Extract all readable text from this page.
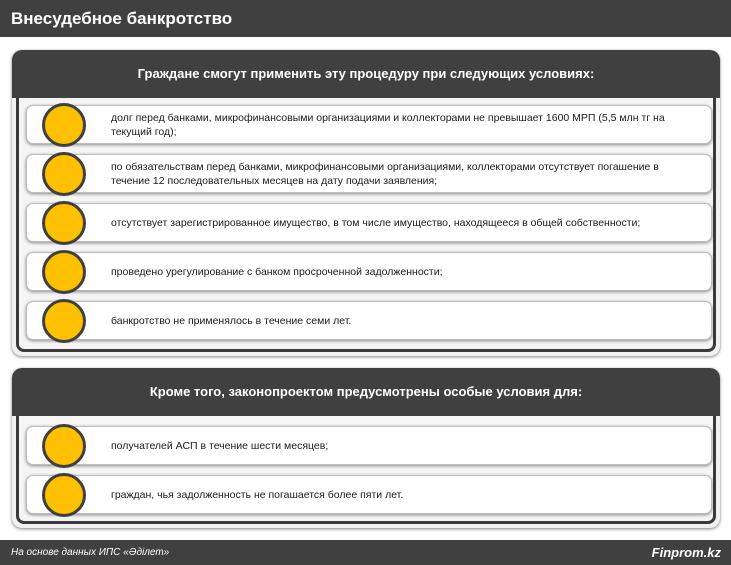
Внесудебное банкротство
Граждане смогут применить эту процедуру при следующих условиях:
долг перед банками, микрофинансовыми организациями и коллекторами не превышает 1600 МРП (5,5 млн тг на текущий год);
по обязательствам перед банками, микрофинансовыми организациями, коллекторами отсутствует погашение в течение 12 последовательных месяцев на дату подачи заявления;
отсутствует зарегистрированное имущество, в том числе имущество, находящееся в общей собственности;
проведено урегулирование с банком просроченной задолженности;
банкротство не применялось в течение семи лет.
Кроме того, законопроектом предусмотрены особые условия для:
получателей АСП в течение шести месяцев;
граждан, чья задолженность не погашается более пяти лет.
На основе данных ИПС «Әділет»	Finprom.kz
